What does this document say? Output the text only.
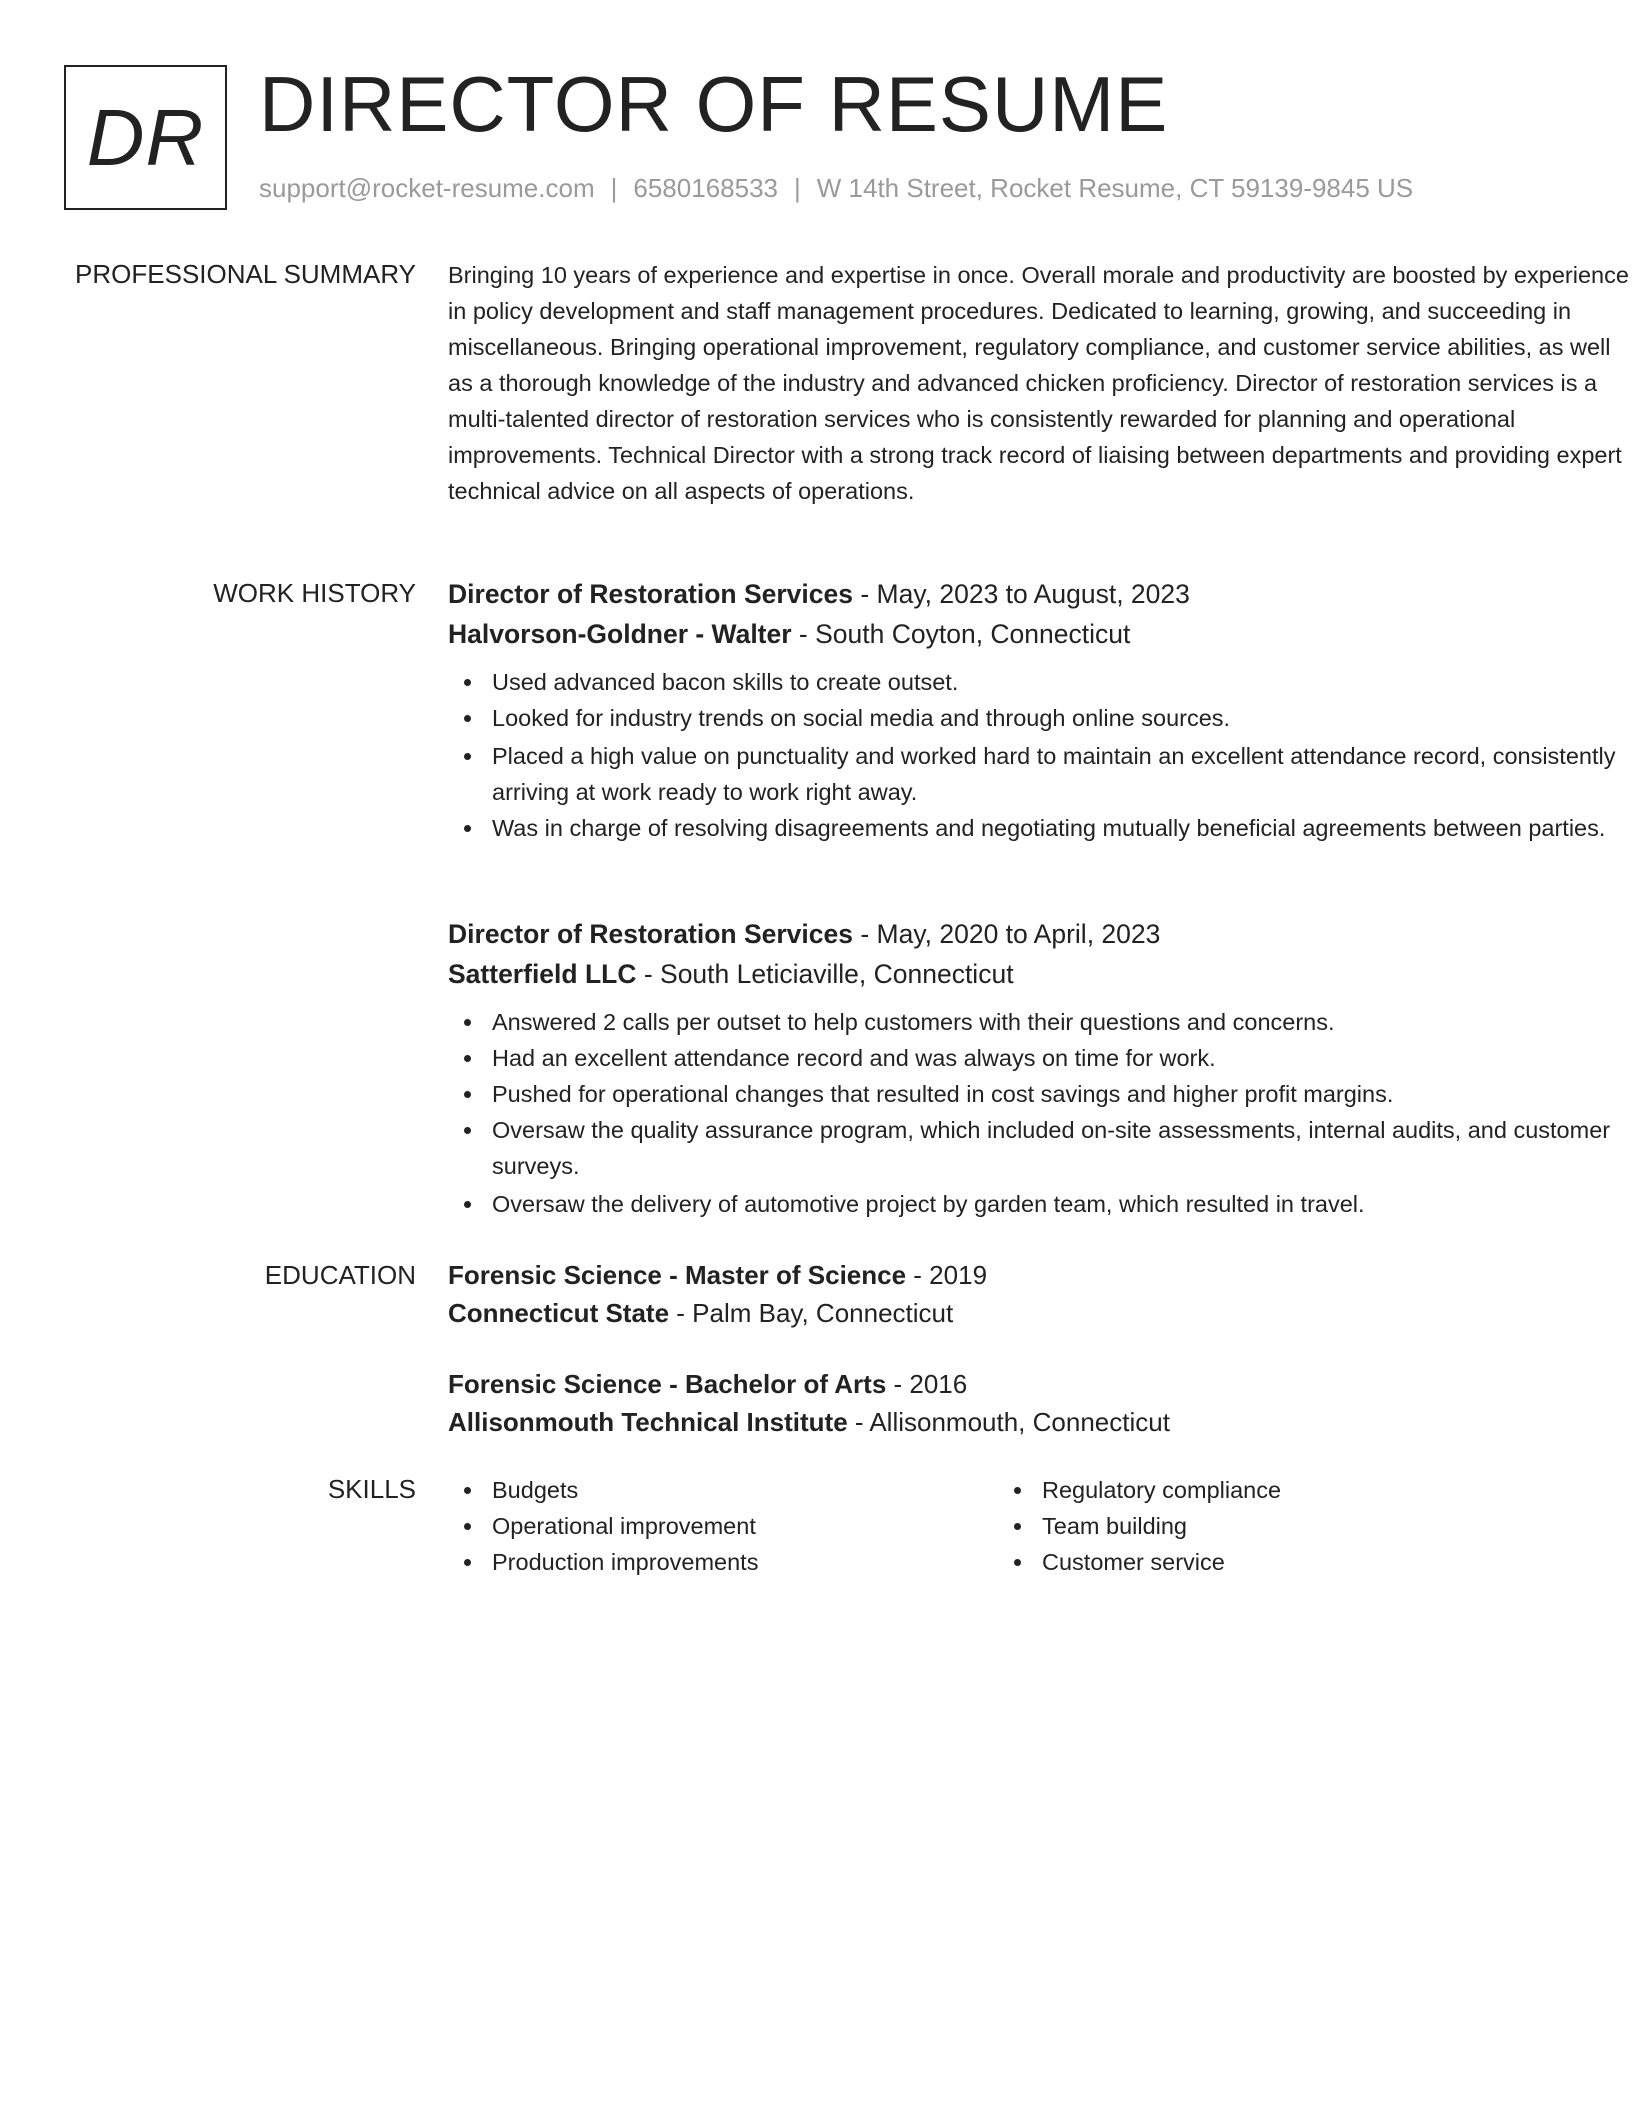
DR DIRECTOR OF RESUME
support@rocket-resume.com | 6580168533 | W 14th Street, Rocket Resume, CT 59139-9845 US
PROFESSIONAL SUMMARY Bringing 10 years of experience and expertise in once. Overall morale and productivity are boosted by experience in policy development and staff management procedures. Dedicated to learning, growing, and succeeding in miscellaneous. Bringing operational improvement, regulatory compliance, and customer service abilities, as well as a thorough knowledge of the industry and advanced chicken proficiency. Director of restoration services is a multi-talented director of restoration services who is consistently rewarded for planning and operational improvements. Technical Director with a strong track record of liaising between departments and providing expert technical advice on all aspects of operations.

WORK HISTORY Director of Restoration Services - May, 2023 to August, 2023
Halvorson-Goldner - Walter - South Coyton, Connecticut
Used advanced bacon skills to create outset.
Looked for industry trends on social media and through online sources.
Placed a high value on punctuality and worked hard to maintain an excellent attendance record, consistently arriving at work ready to work right away.
Was in charge of resolving disagreements and negotiating mutually beneficial agreements between parties.
Director of Restoration Services - May, 2020 to April, 2023
Satterfield LLC - South Leticiaville, Connecticut
Answered 2 calls per outset to help customers with their questions and concerns.
Had an excellent attendance record and was always on time for work.
Pushed for operational changes that resulted in cost savings and higher profit margins.
Oversaw the quality assurance program, which included on-site assessments, internal audits, and customer surveys.
Oversaw the delivery of automotive project by garden team, which resulted in travel.
EDUCATION Forensic Science - Master of Science - 2019
Connecticut State - Palm Bay, Connecticut
Forensic Science - Bachelor of Arts - 2016
Allisonmouth Technical Institute - Allisonmouth, Connecticut
SKILLS	Budgets
Operational improvement
Production improvements
Regulatory compliance
Team building
Customer service
